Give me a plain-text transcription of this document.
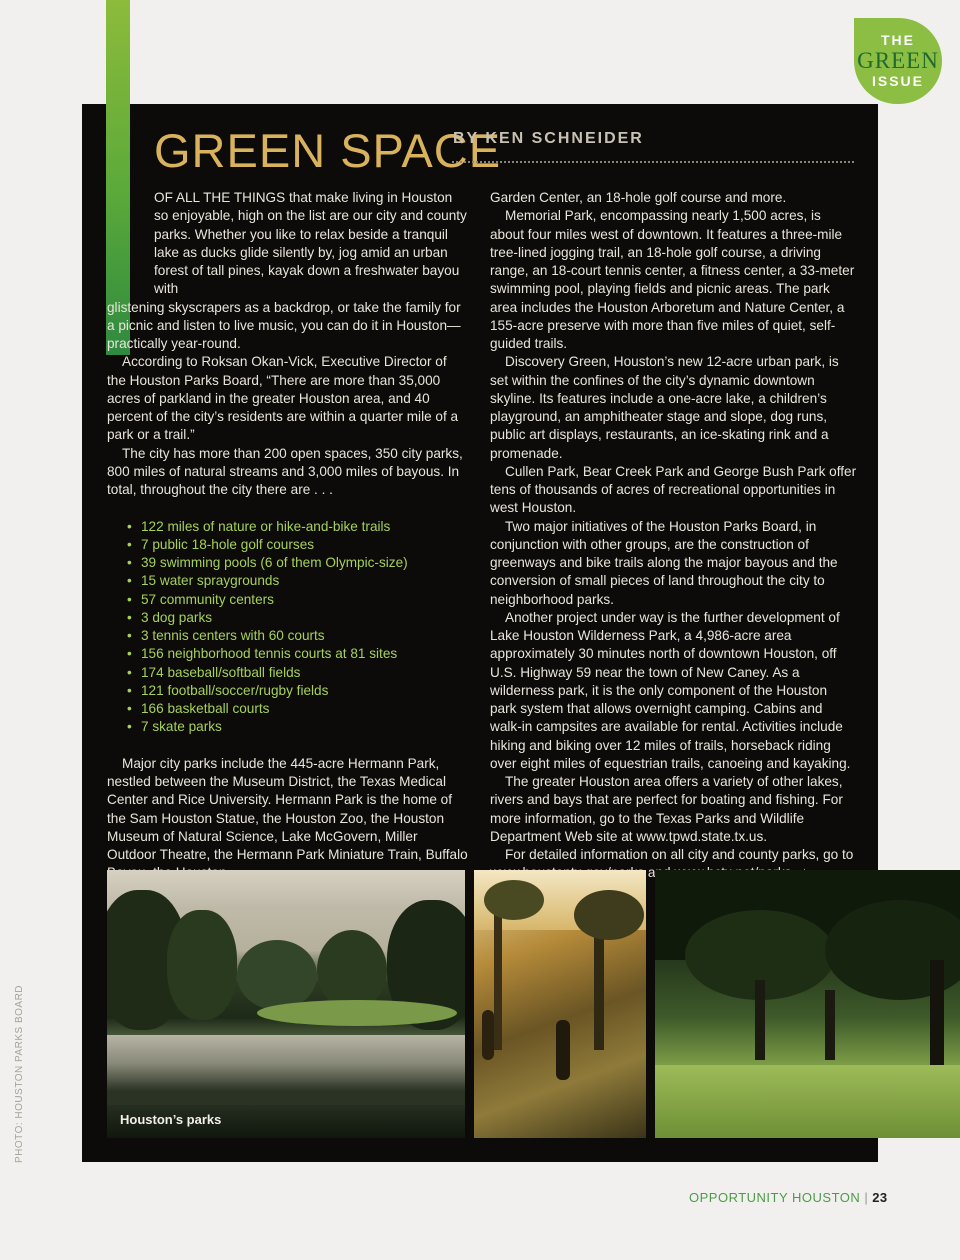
THE
GREEN
ISSUE
GREEN SPACE
BY KEN SCHNEIDER

OF ALL THE THINGS that make living in Houston so enjoyable, high on the list are our city and county parks. Whether you like to relax beside a tranquil lake as ducks glide silently by, jog amid an urban forest of tall pines, kayak down a freshwater bayou with

glistening skyscrapers as a backdrop, or take the family for a picnic and listen to live music, you can do it in Houston—practically year-round.

According to Roksan Okan-Vick, Executive Director of the Houston Parks Board, “There are more than 35,000 acres of parkland in the greater Houston area, and 40 percent of the city’s residents are within a quarter mile of a park or a trail.”

The city has more than 200 open spaces, 350 city parks, 800 miles of natural streams and 3,000 miles of bayous. In total, throughout the city there are . . .

• 122 miles of nature or hike-and-bike trails
• 7 public 18-hole golf courses
• 39 swimming pools (6 of them Olympic-size)
• 15 water spraygrounds
• 57 community centers
• 3 dog parks
• 3 tennis centers with 60 courts
• 156 neighborhood tennis courts at 81 sites
• 174 baseball/softball fields
• 121 football/soccer/rugby fields
• 166 basketball courts
• 7 skate parks

Major city parks include the 445-acre Hermann Park, nestled between the Museum District, the Texas Medical Center and Rice University. Hermann Park is the home of the Sam Houston Statue, the Houston Zoo, the Houston Museum of Natural Science, Lake McGovern, Miller Outdoor Theatre, the Hermann Park Miniature Train, Buffalo

Garden Center, an 18-hole golf course and more.

Memorial Park, encompassing nearly 1,500 acres, is about four miles west of downtown. It features a three-mile tree-lined jogging trail, an 18-hole golf course, a driving range, an 18-court tennis center, a fitness center, a 33-meter swimming pool, playing fields and picnic areas. The park area includes the Houston Arboretum and Nature Center, a 155-acre preserve with more than five miles of quiet, self-guided trails.

Discovery Green, Houston’s new 12-acre urban park, is set within the confines of the city’s dynamic downtown skyline. Its features include a one-acre lake, a children’s playground, an amphitheater stage and slope, dog runs, public art displays, restaurants, an ice-skating rink and a promenade.

Cullen Park, Bear Creek Park and George Bush Park offer tens of thousands of acres of recreational opportunities in west Houston.

Two major initiatives of the Houston Parks Board, in conjunction with other groups, are the construction of greenways and bike trails along the major bayous and the conversion of small pieces of land throughout the city to neighborhood parks.

Another project under way is the further development of Lake Houston Wilderness Park, a 4,986-acre area approximately 30 minutes north of downtown Houston, off U.S. Highway 59 near the town of New Caney. As a wilderness park, it is the only component of the Houston park system that allows overnight camping. Cabins and walk-in campsites are available for rental. Activities include hiking and biking over 12 miles of trails, horseback riding over eight miles of equestrian trails, canoeing and kayaking.

The greater Houston area offers a variety of other lakes, rivers and bays that are perfect for boating and fishing. For more information, go to the Texas Parks and Wildlife Department Web site at www.tpwd.state.tx.us.

For detailed information on all city and county parks, go to

Houston’s parks
PHOTO: HOUSTON PARKS BOARD
OPPORTUNITY HOUSTON | 23
